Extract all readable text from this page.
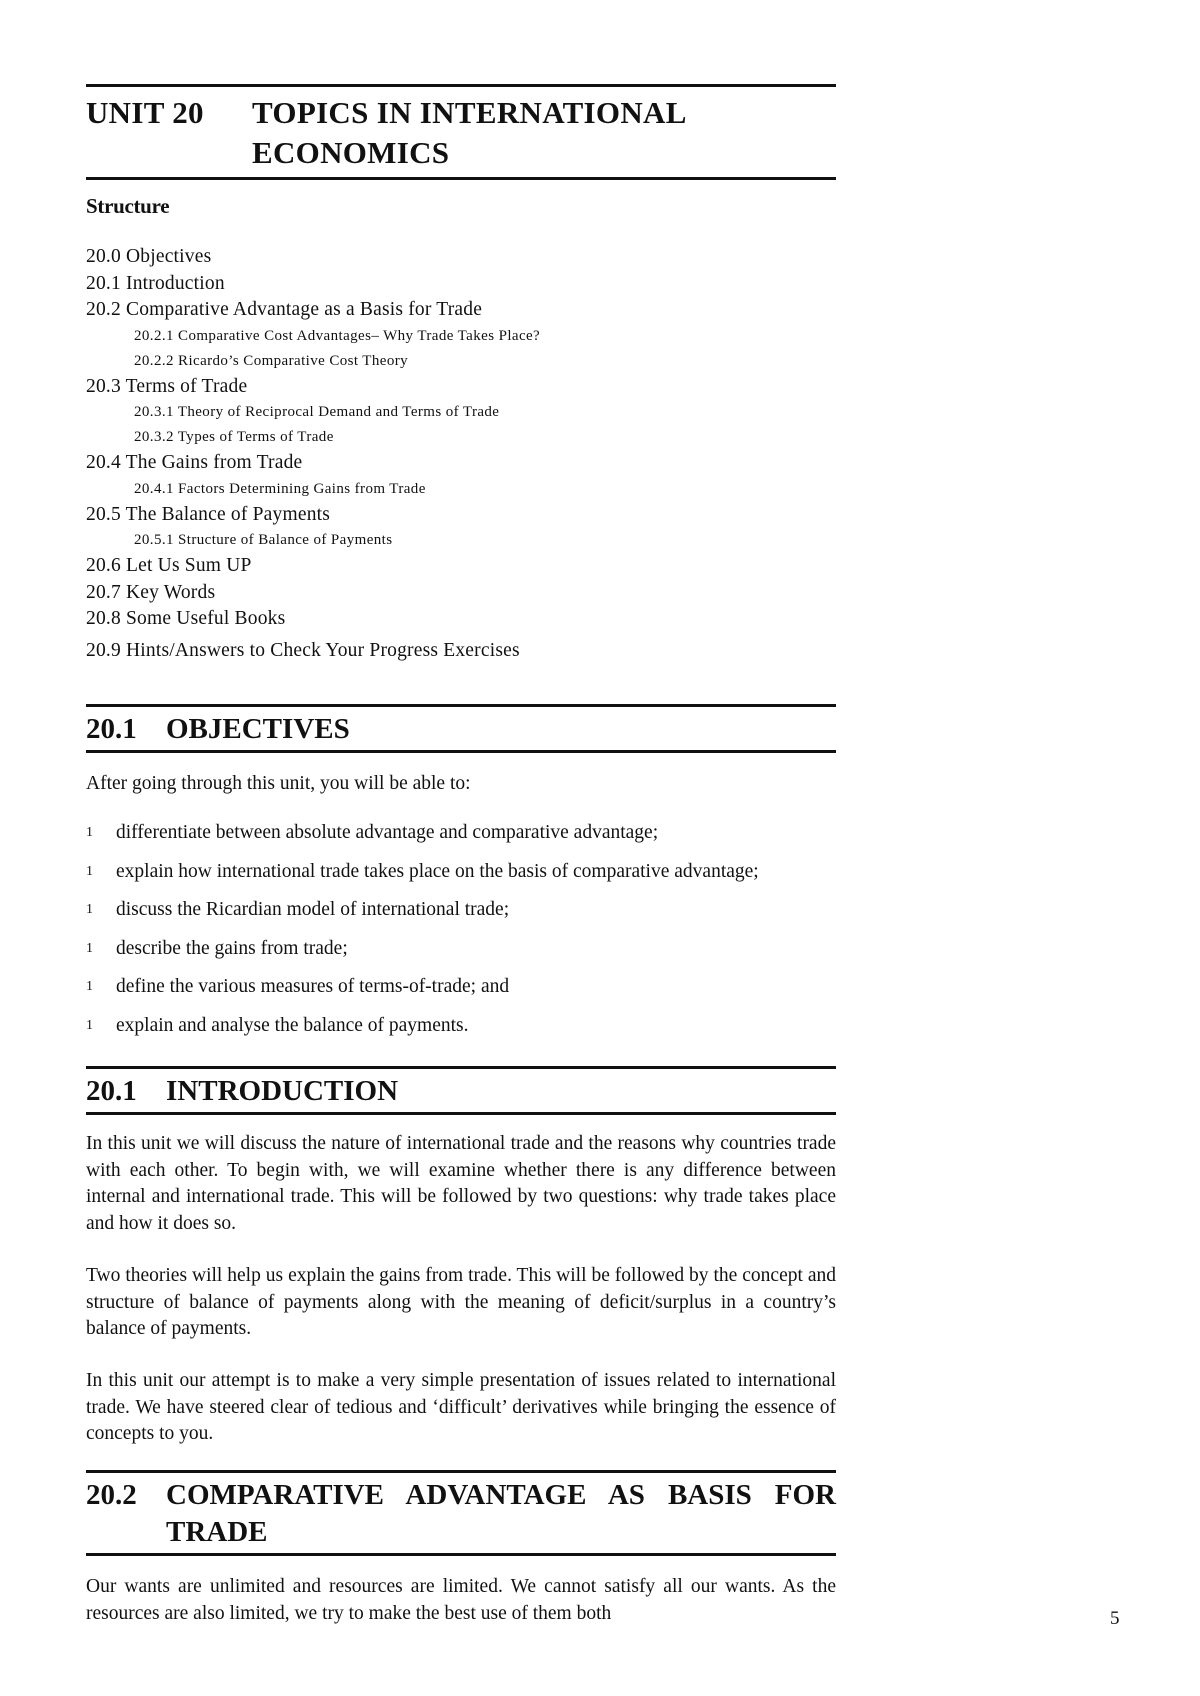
UNIT 20	TOPICS IN INTERNATIONAL
ECONOMICS
Structure
20.0 Objectives
20.1 Introduction
20.2 Comparative Advantage as a Basis for Trade
20.2.1 Comparative Cost Advantages– Why Trade Takes Place?
20.2.2 Ricardo’s Comparative Cost Theory
20.3 Terms of Trade
20.3.1 Theory of Reciprocal Demand and Terms of Trade
20.3.2 Types of Terms of Trade
20.4 The Gains from Trade
20.4.1 Factors Determining Gains from Trade
20.5 The Balance of Payments
20.5.1 Structure of Balance of Payments
20.6 Let Us Sum UP
20.7 Key Words
20.8 Some Useful Books
20.9 Hints/Answers to Check Your Progress Exercises
20.1	OBJECTIVES
After going through this unit, you will be able to:
1	differentiate between absolute advantage and comparative advantage;
1	explain how international trade takes place on the basis of comparative advantage;
1	discuss the Ricardian model of international trade;
1	describe the gains from trade;
1	define the various measures of terms-of-trade; and
1	explain and analyse the balance of payments.
20.1	INTRODUCTION
In this unit we will discuss the nature of international trade and the reasons why countries trade with each other. To begin with, we will examine whether there is any difference between internal and international trade. This will be followed by two questions: why trade takes place and how it does so.
Two theories will help us explain the gains from trade. This will be followed by the concept and structure of balance of payments along with the meaning of deficit/surplus in a country’s balance of payments.
In this unit our attempt is to make a very simple presentation of issues related to international trade. We have steered clear of tedious and ‘difficult’ derivatives while bringing the essence of concepts to you.
20.2	COMPARATIVE ADVANTAGE AS BASIS FOR
TRADE
Our wants are unlimited and resources are limited. We cannot satisfy all our wants. As the resources are also limited, we try to make the best use of them both	5
